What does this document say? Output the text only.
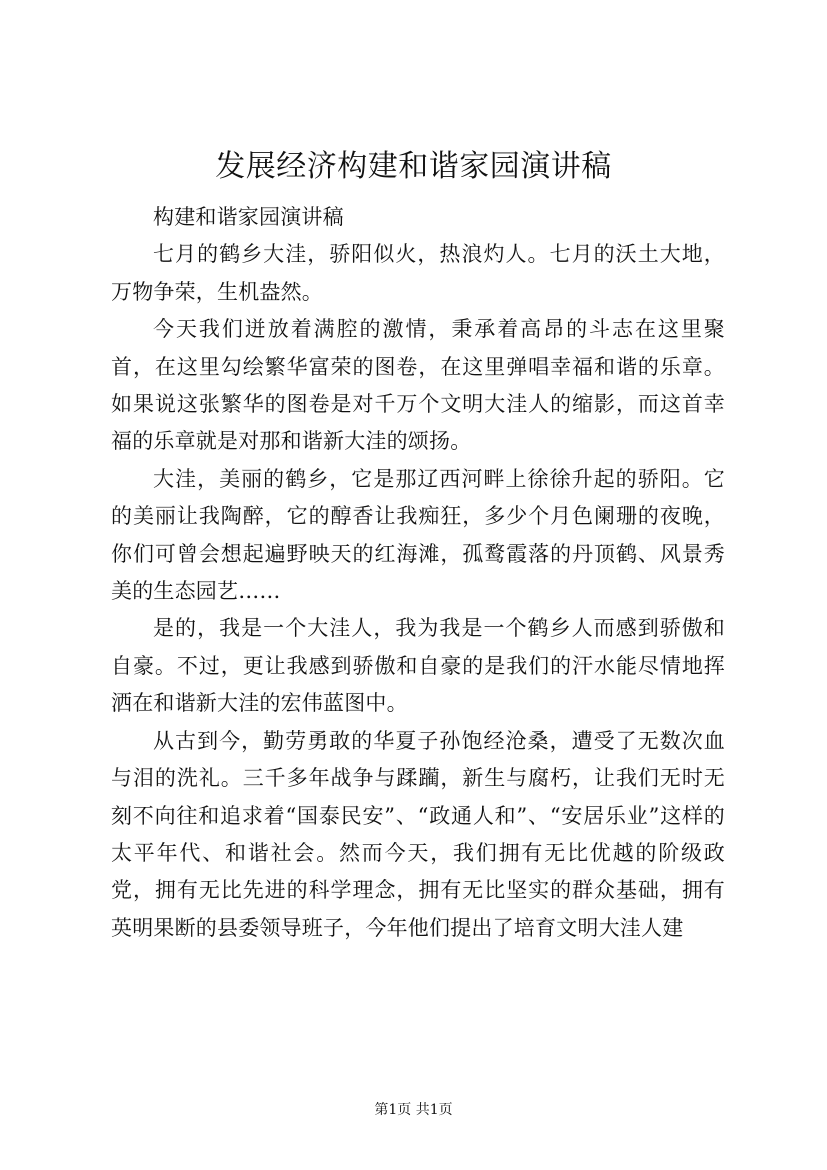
发展经济构建和谐家园演讲稿

构建和谐家园演讲稿

七月的鹤乡大洼，骄阳似火，热浪灼人。七月的沃土大地，万物争荣，生机盎然。

今天我们迸放着满腔的激情，秉承着高昂的斗志在这里聚首，在这里勾绘繁华富荣的图卷，在这里弹唱幸福和谐的乐章。如果说这张繁华的图卷是对千万个文明大洼人的缩影，而这首幸福的乐章就是对那和谐新大洼的颂扬。

大洼，美丽的鹤乡，它是那辽西河畔上徐徐升起的骄阳。它的美丽让我陶醉，它的醇香让我痴狂，多少个月色阑珊的夜晚，你们可曾会想起遍野映天的红海滩，孤鹜霞落的丹顶鹤、风景秀美的生态园艺……

是的，我是一个大洼人，我为我是一个鹤乡人而感到骄傲和自豪。不过，更让我感到骄傲和自豪的是我们的汗水能尽情地挥洒在和谐新大洼的宏伟蓝图中。

从古到今，勤劳勇敢的华夏子孙饱经沧桑，遭受了无数次血与泪的洗礼。三千多年战争与蹂躏，新生与腐朽，让我们无时无刻不向往和追求着“国泰民安”、“政通人和”、“安居乐业”这样的太平年代、和谐社会。然而今天，我们拥有无比优越的阶级政党，拥有无比先进的科学理念，拥有无比坚实的群众基础，拥有英明果断的县委领导班子，今年他们提出了培育文明大洼人建

第1页 共1页
